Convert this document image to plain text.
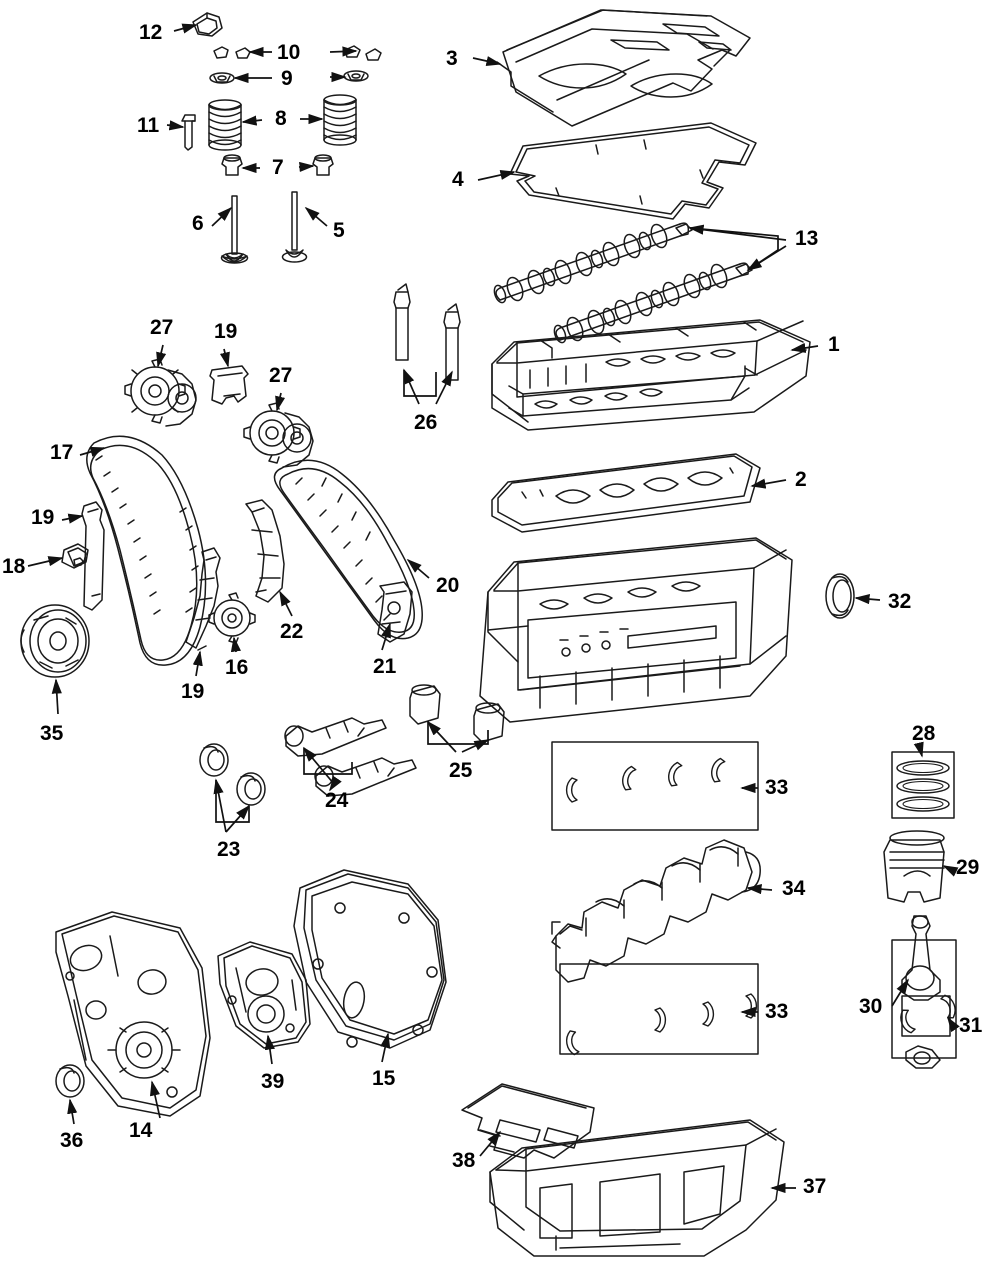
12
10
9
11	8
7
6	5
3
4
13
1
2
26
27 19
27
17
19
18
19
16
22
20
21
35
23
24
25
32
28
33
34
29
30
31
33
39	15
14
36
38
37
